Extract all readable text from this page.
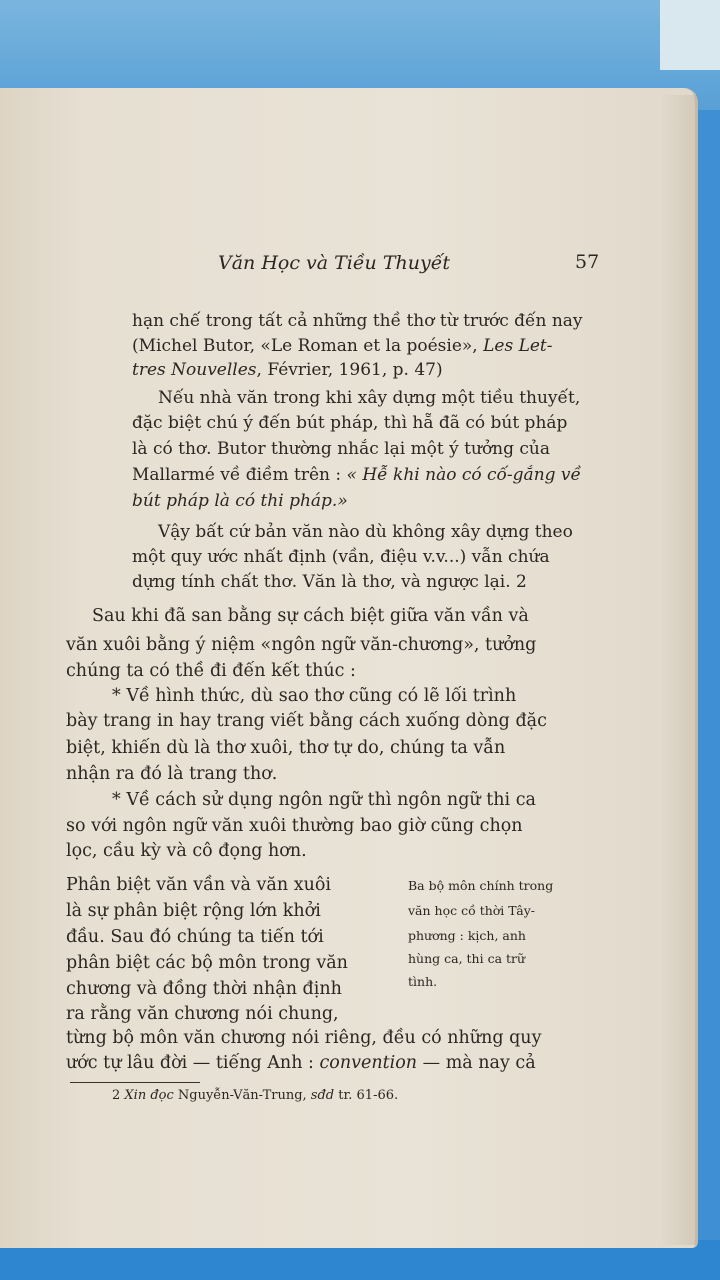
Văn Học và Tiều Thuyết	57
hạn chế trong tất cả những thề thơ từ trước đến nay
(Michel Butor, «Le Roman et la poésie», Les Let-
tres Nouvelles, Février, 1961, p. 47)
Nếu nhà văn trong khi xây dựng một tiều thuyết,
đặc biệt chú ý đến bút pháp, thì hẵ đã có bút pháp
là có thơ. Butor thường nhắc lại một ý tưởng của
Mallarmé về điềm trên : « Hễ khi nào có cố-gắng về
bút pháp là có thi pháp.»
Vậy bất cứ bản văn nào dù không xây dựng theo
một quy ước nhất định (vần, điệu v.v...) vẫn chứa
dựng tính chất thơ. Văn là thơ, và ngược lại. 2
Sau khi đã san bằng sự cách biệt giữa văn vần và
văn xuôi bằng ý niệm «ngôn ngữ văn-chương», tưởng
chúng ta có thề đi đến kết thúc :
* Về hình thức, dù sao thơ cũng có lẽ lối trình
bày trang in hay trang viết bằng cách xuống dòng đặc
biệt, khiến dù là thơ xuôi, thơ tự do, chúng ta vẫn
nhận ra đó là trang thơ.
* Về cách sử dụng ngôn ngữ thì ngôn ngữ thi ca
so với ngôn ngữ văn xuôi thường bao giờ cũng chọn
lọc, cầu kỳ và cô đọng hơn.
Phân biệt văn vần và văn xuôi
là sự phân biệt rộng lớn khởi
đầu. Sau đó chúng ta tiến tới
phân biệt các bộ môn trong văn
chương và đồng thời nhận định
ra rằng văn chương nói chung,
từng bộ môn văn chương nói riêng, đều có những quy
ước tự lâu đời — tiếng Anh : convention — mà nay cả
Ba bộ môn chính trong
văn học cồ thời Tây-
phương : kịch, anh
hùng ca, thi ca trữ
tình.
2 Xin đọc Nguyễn-Văn-Trung, sđd tr. 61-66.
